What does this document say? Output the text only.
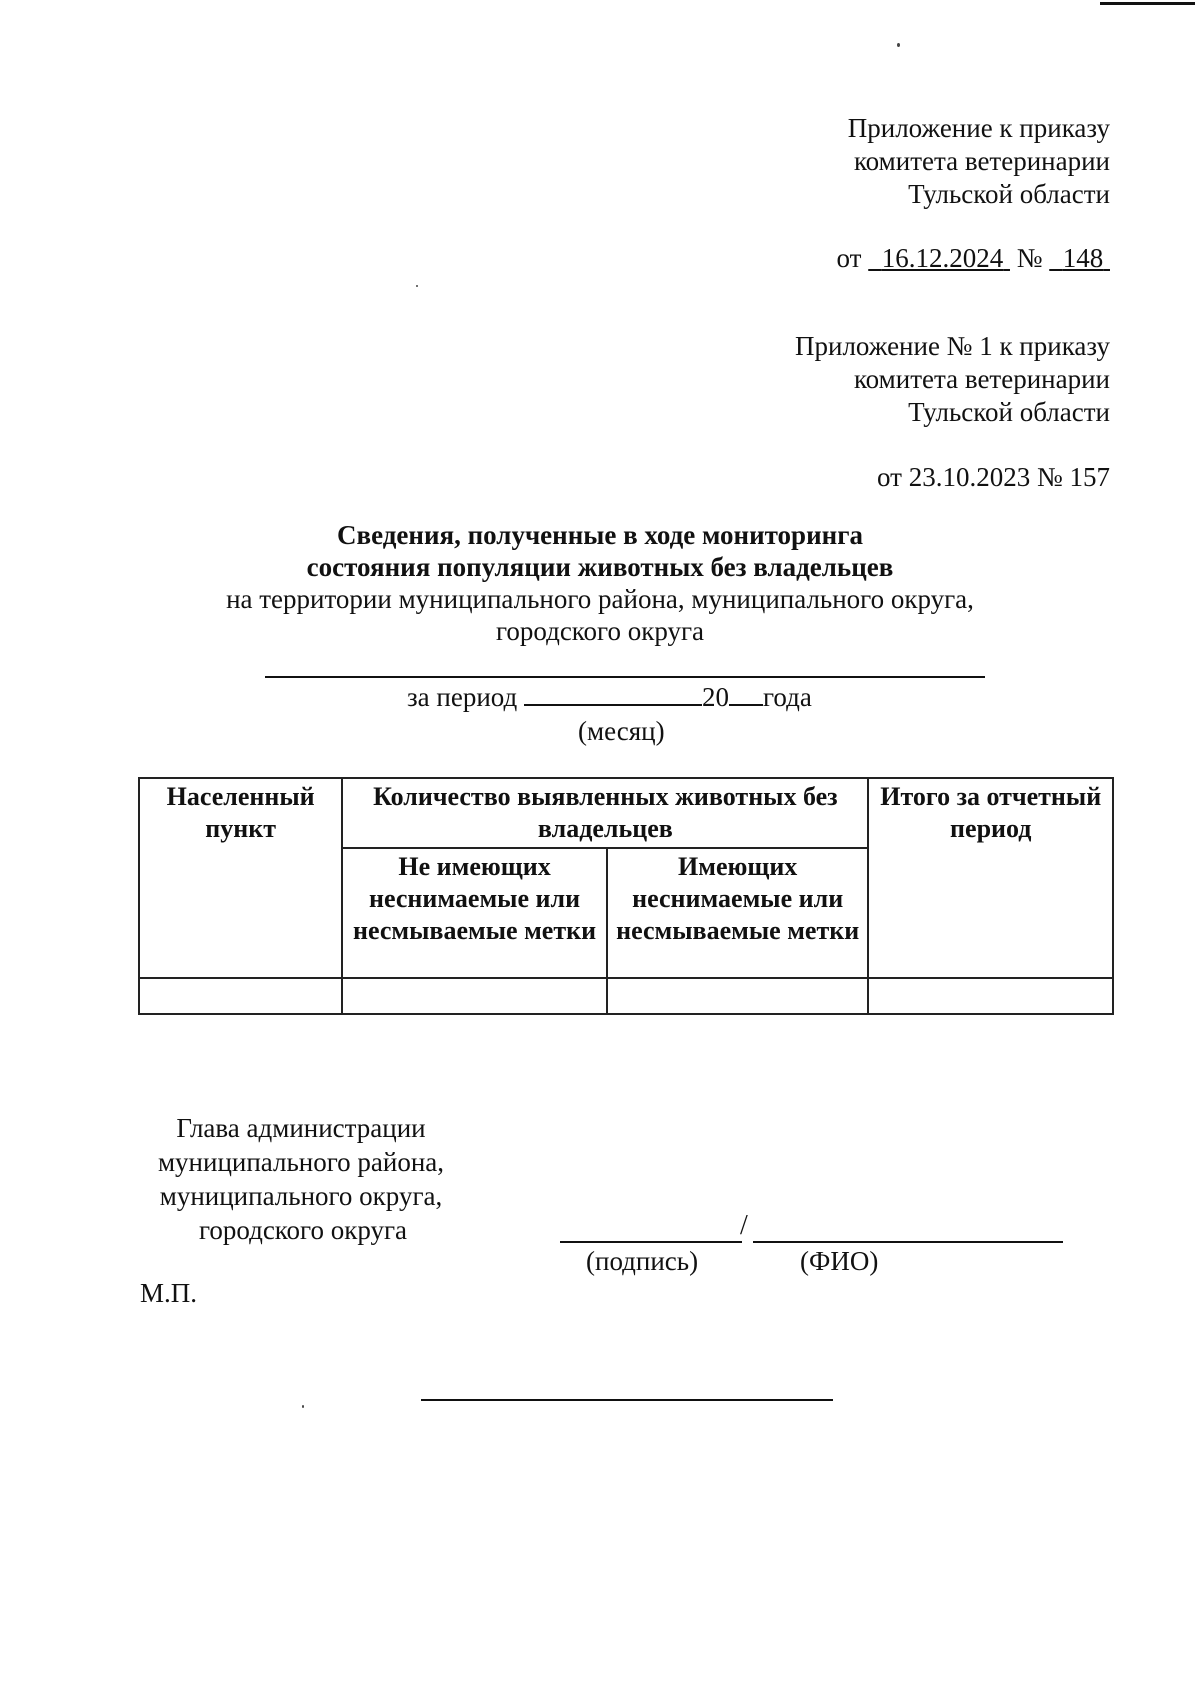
Приложение к приказу
комитета ветеринарии
Тульской области
от 16.12.2024 № 148
Приложение № 1 к приказу
комитета ветеринарии
Тульской области
от 23.10.2023 № 157
Сведения, полученные в ходе мониторинга
состояния популяции животных без владельцев
на территории муниципального района, муниципального округа,
городского округа
за период	20 года
(месяц)
Населенный пункт	Количество выявленных животных без владельцев		Итого за отчетный период
	Не имеющих неснимаемые или несмываемые метки	Имеющих неснимаемые или несмываемые метки	

Глава администрации
муниципального района,
муниципального округа,
городского округа	/
(подпись)	(ФИО)
М.П.
